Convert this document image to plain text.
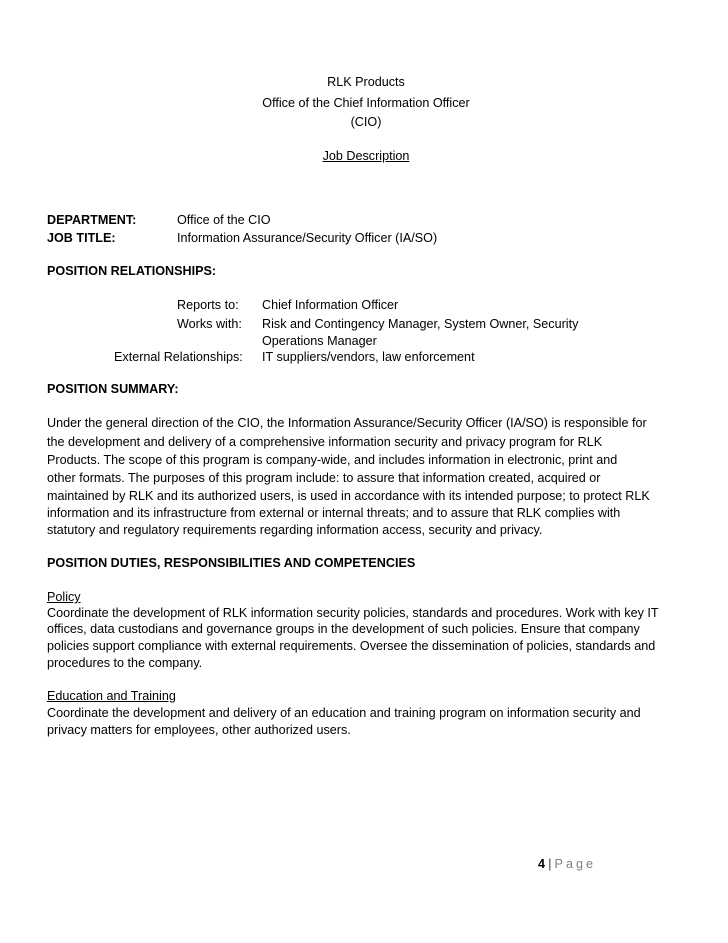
RLK Products
Office of the Chief Information Officer
(CIO)
Job Description
DEPARTMENT:	Office of the CIO
JOB TITLE:	Information Assurance/Security Officer (IA/SO)
POSITION RELATIONSHIPS:
Reports to: Chief Information Officer
Works with: Risk and Contingency Manager, System Owner, Security
Operations Manager
External Relationships: IT suppliers/vendors, law enforcement
POSITION SUMMARY:
Under the general direction of the CIO, the Information Assurance/Security Officer (IA/SO) is responsible for
the development and delivery of a comprehensive information security and privacy program for RLK
Products. The scope of this program is company-wide, and includes information in electronic, print and
other formats. The purposes of this program include: to assure that information created, acquired or
maintained by RLK and its authorized users, is used in accordance with its intended purpose; to protect RLK
information and its infrastructure from external or internal threats; and to assure that RLK complies with
statutory and regulatory requirements regarding information access, security and privacy.
POSITION DUTIES, RESPONSIBILITIES AND COMPETENCIES
Policy
Coordinate the development of RLK information security policies, standards and procedures. Work with key IT
offices, data custodians and governance groups in the development of such policies. Ensure that company
policies support compliance with external requirements. Oversee the dissemination of policies, standards and
procedures to the company.
Education and Training
Coordinate the development and delivery of an education and training program on information security and
privacy matters for employees, other authorized users.
4 | Page
